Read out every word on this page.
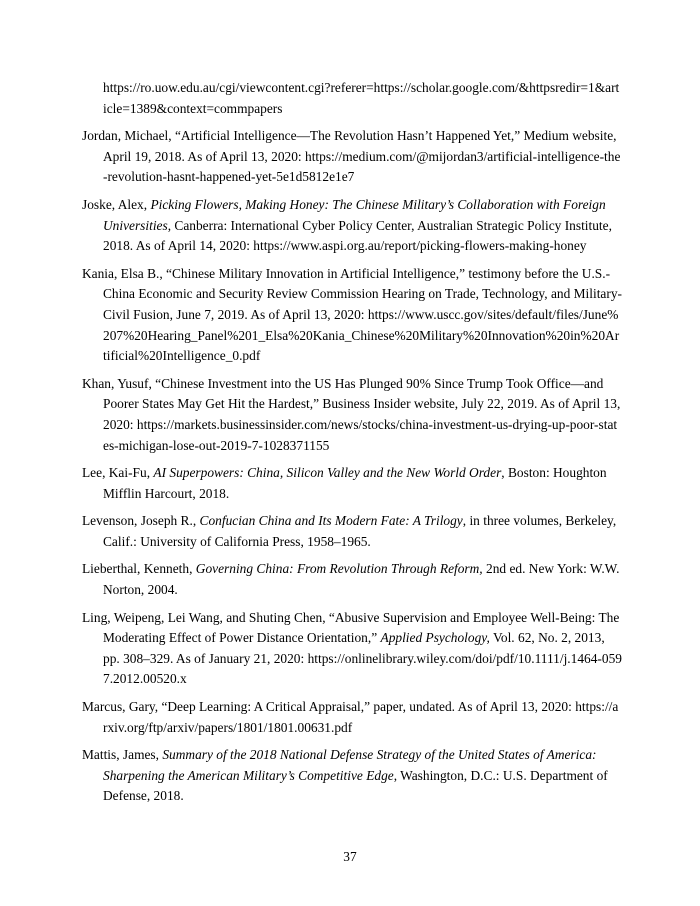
https://ro.uow.edu.au/cgi/viewcontent.cgi?referer=https://scholar.google.com/&httpsredir=1&article=1389&context=commpapers
Jordan, Michael, “Artificial Intelligence—The Revolution Hasn’t Happened Yet,” Medium website, April 19, 2018. As of April 13, 2020: https://medium.com/@mijordan3/artificial-intelligence-the-revolution-hasnt-happened-yet-5e1d5812e1e7
Joske, Alex, Picking Flowers, Making Honey: The Chinese Military’s Collaboration with Foreign Universities, Canberra: International Cyber Policy Center, Australian Strategic Policy Institute, 2018. As of April 14, 2020: https://www.aspi.org.au/report/picking-flowers-making-honey
Kania, Elsa B., “Chinese Military Innovation in Artificial Intelligence,” testimony before the U.S.-China Economic and Security Review Commission Hearing on Trade, Technology, and Military-Civil Fusion, June 7, 2019. As of April 13, 2020: https://www.uscc.gov/sites/default/files/June%207%20Hearing_Panel%201_Elsa%20Kania_Chinese%20Military%20Innovation%20in%20Artificial%20Intelligence_0.pdf
Khan, Yusuf, “Chinese Investment into the US Has Plunged 90% Since Trump Took Office—and Poorer States May Get Hit the Hardest,” Business Insider website, July 22, 2019. As of April 13, 2020: https://markets.businessinsider.com/news/stocks/china-investment-us-drying-up-poor-states-michigan-lose-out-2019-7-1028371155
Lee, Kai-Fu, AI Superpowers: China, Silicon Valley and the New World Order, Boston: Houghton Mifflin Harcourt, 2018.
Levenson, Joseph R., Confucian China and Its Modern Fate: A Trilogy, in three volumes, Berkeley, Calif.: University of California Press, 1958–1965.
Lieberthal, Kenneth, Governing China: From Revolution Through Reform, 2nd ed. New York: W.W. Norton, 2004.
Ling, Weipeng, Lei Wang, and Shuting Chen, “Abusive Supervision and Employee Well-Being: The Moderating Effect of Power Distance Orientation,” Applied Psychology, Vol. 62, No. 2, 2013, pp. 308–329. As of January 21, 2020: https://onlinelibrary.wiley.com/doi/pdf/10.1111/j.1464-0597.2012.00520.x
Marcus, Gary, “Deep Learning: A Critical Appraisal,” paper, undated. As of April 13, 2020: https://arxiv.org/ftp/arxiv/papers/1801/1801.00631.pdf
Mattis, James, Summary of the 2018 National Defense Strategy of the United States of America: Sharpening the American Military’s Competitive Edge, Washington, D.C.: U.S. Department of Defense, 2018.
37
